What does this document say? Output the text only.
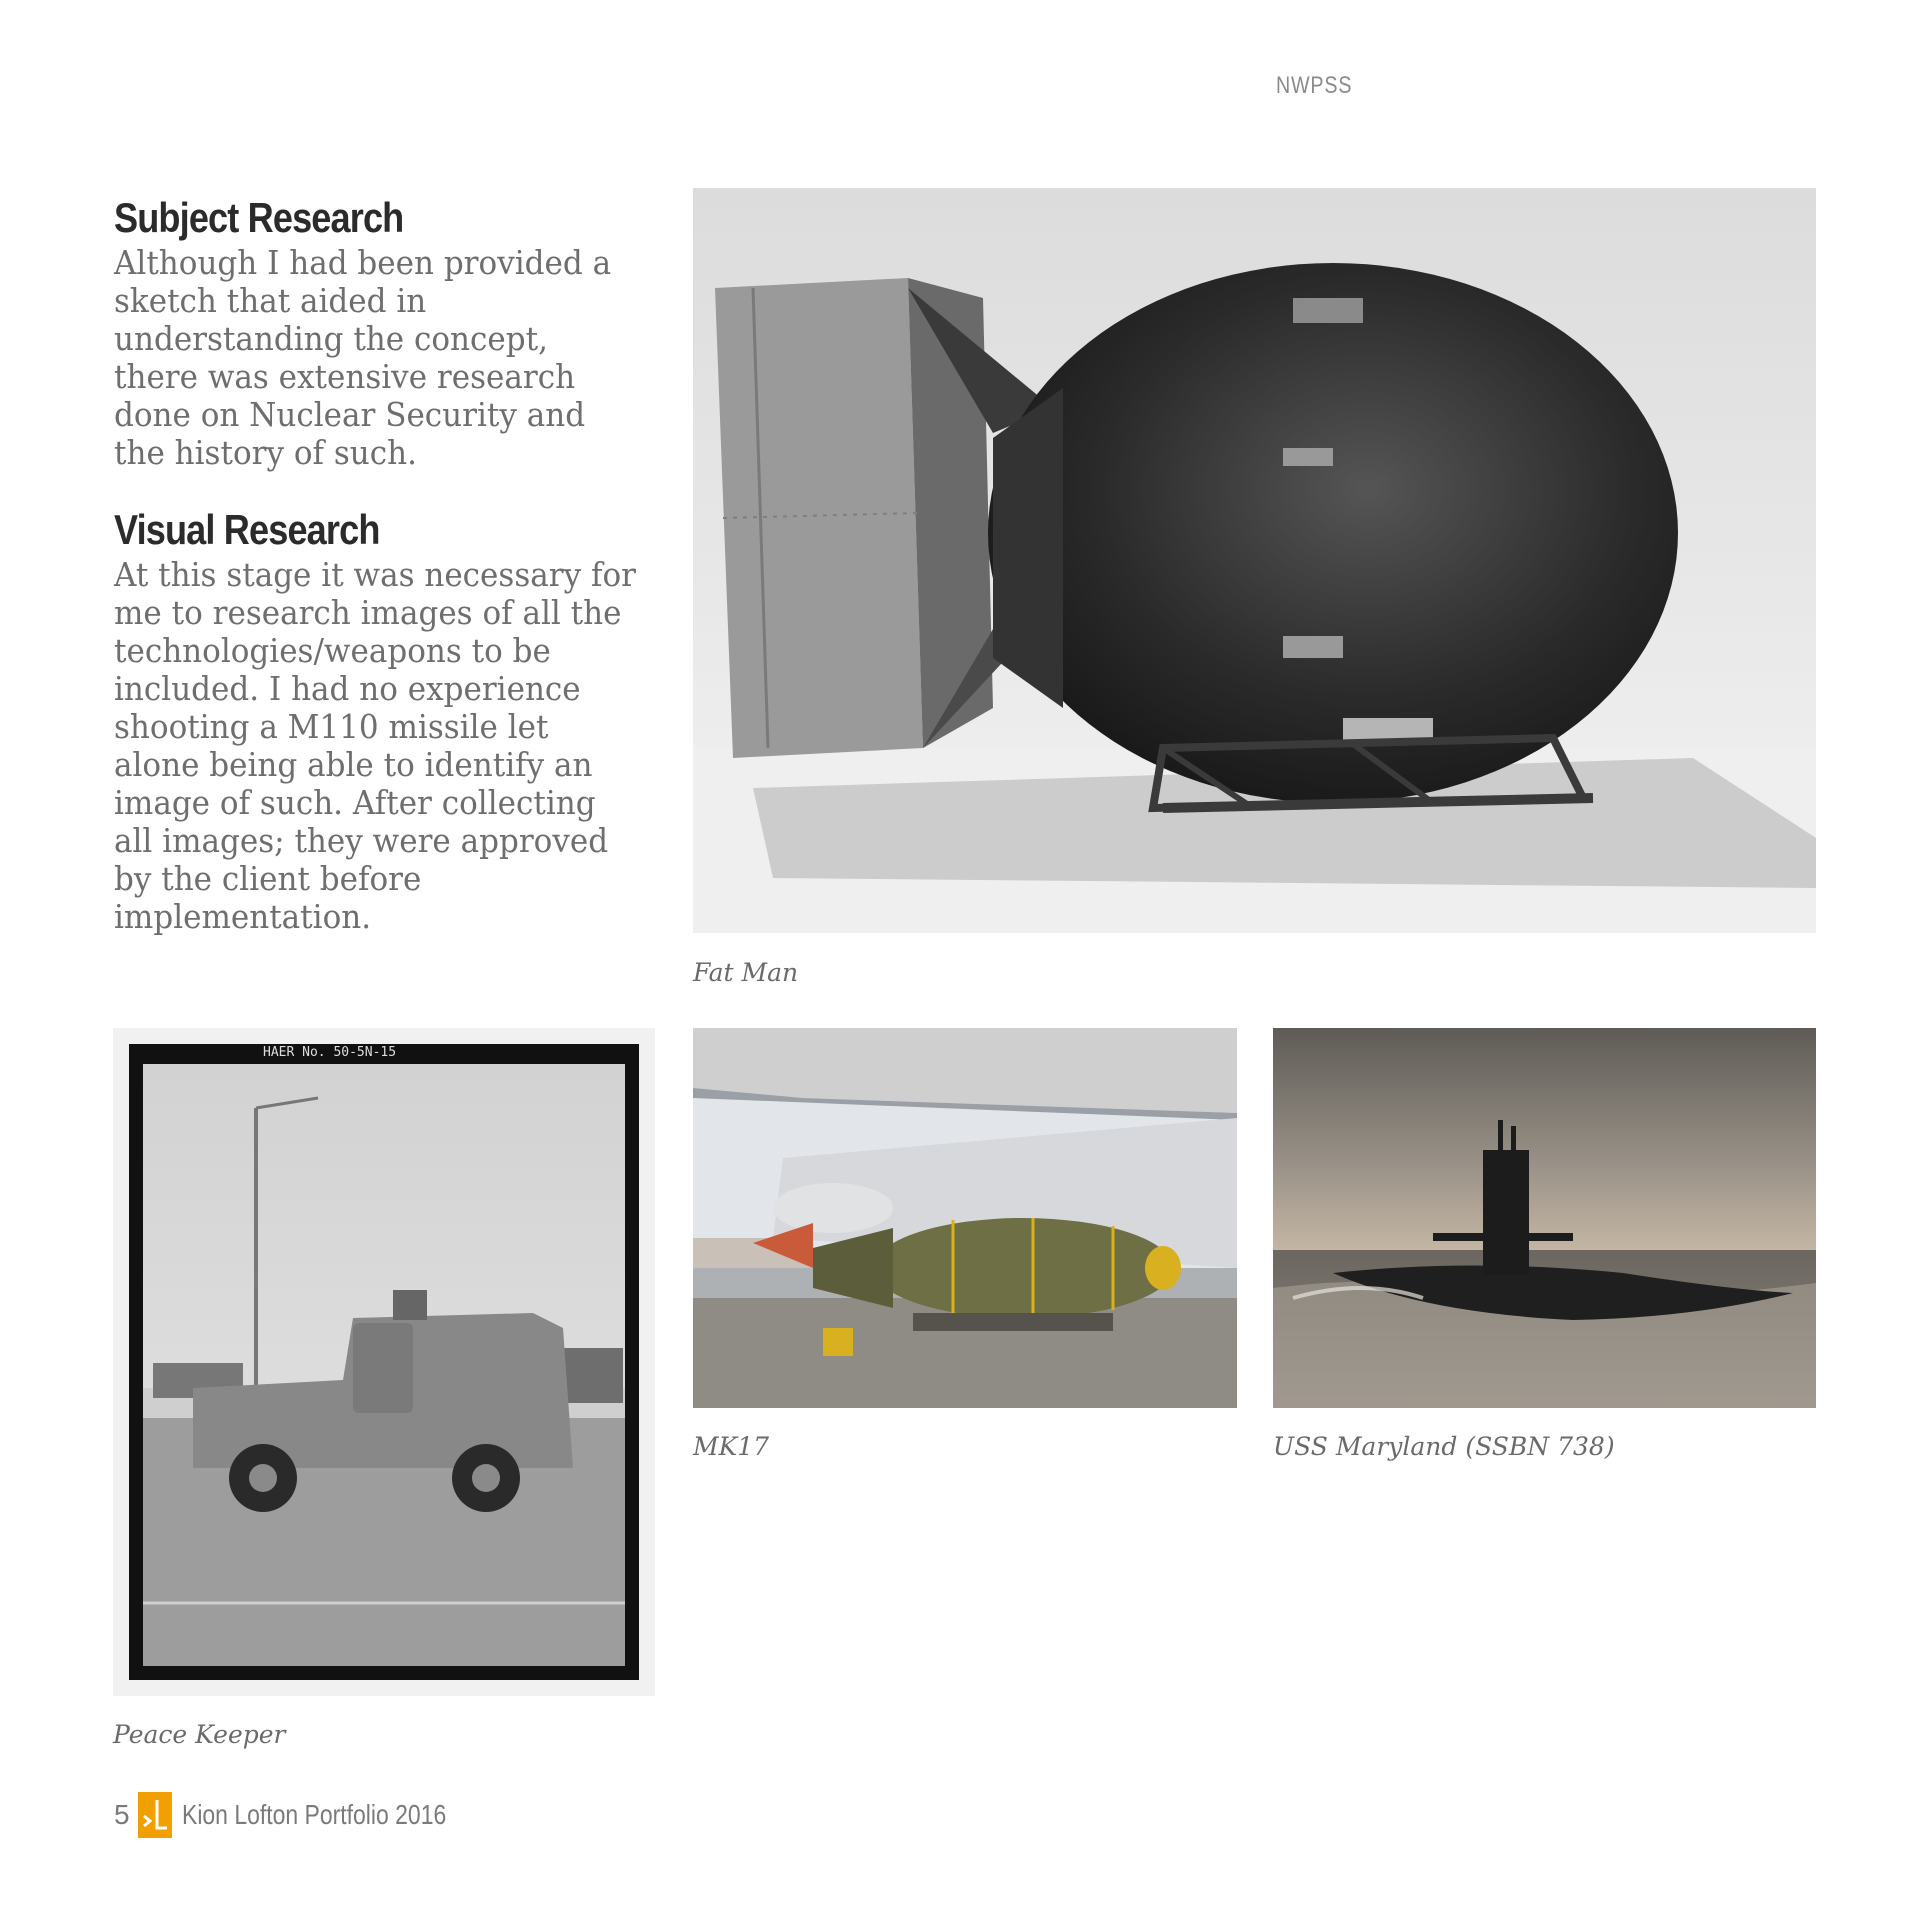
NWPSS
Subject Research
Although I had been provided a sketch that aided in understanding the concept, there was extensive research done on Nuclear Security and the history of such.
Visual Research
At this stage it was necessary for me to research images of all the technologies/weapons to be included. I had no experience shooting a M110 missile let alone being able to identify an image of such. After collecting all images; they were approved by the client before implementation.
Fat Man
HAER No. 50-5N-15
Peace Keeper
MK17	USS Maryland (SSBN 738)
5 Kion Lofton Portfolio 2016
